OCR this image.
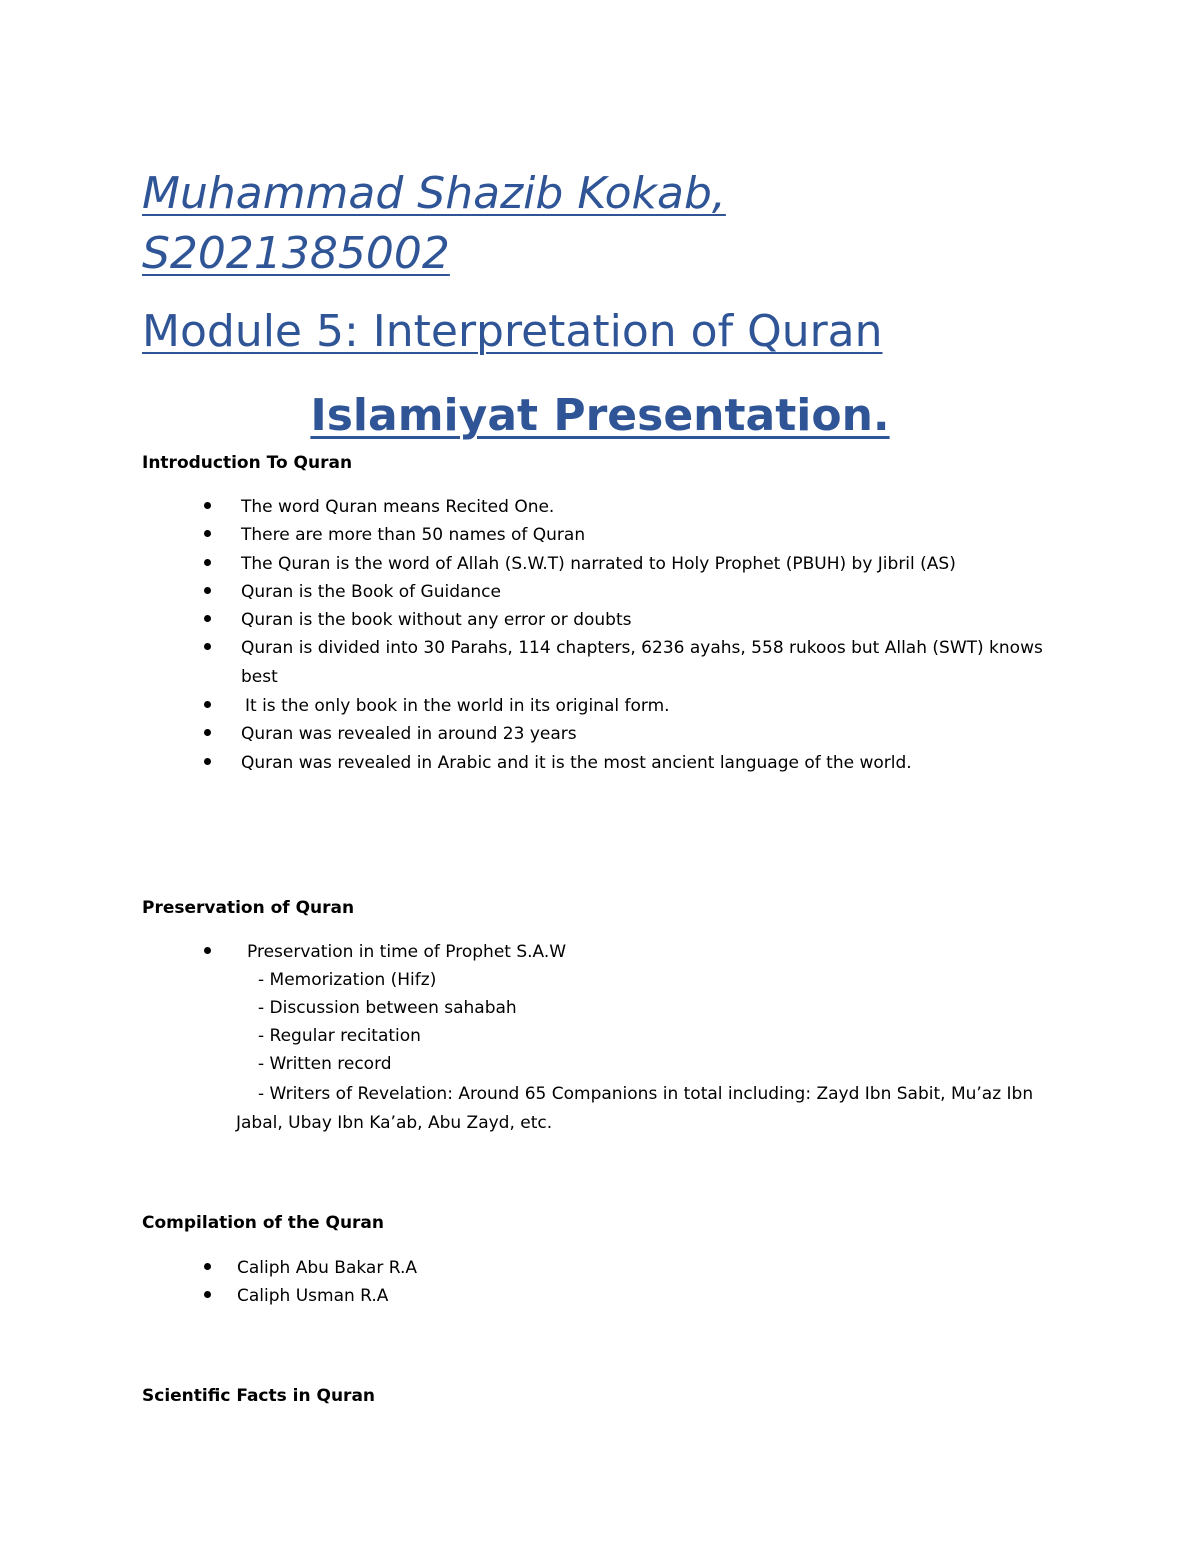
Muhammad Shazib Kokab,
S2021385002
Module 5: Interpretation of Quran
Islamiyat Presentation.
Introduction To Quran
The word Quran means Recited One.
There are more than 50 names of Quran
The Quran is the word of Allah (S.W.T) narrated to Holy Prophet (PBUH) by Jibril (AS)
Quran is the Book of Guidance
Quran is the book without any error or doubts
Quran is divided into 30 Parahs, 114 chapters, 6236 ayahs, 558 rukoos but Allah (SWT) knows
best
It is the only book in the world in its original form.
Quran was revealed in around 23 years
Quran was revealed in Arabic and it is the most ancient language of the world.
Preservation of Quran
Preservation in time of Prophet S.A.W
- Memorization (Hifz)
- Discussion between sahabah
- Regular recitation
- Written record
- Writers of Revelation: Around 65 Companions in total including: Zayd Ibn Sabit, Mu’az Ibn
Jabal, Ubay Ibn Ka’ab, Abu Zayd, etc.
Compilation of the Quran
Caliph Abu Bakar R.A
Caliph Usman R.A
Scientific Facts in Quran
